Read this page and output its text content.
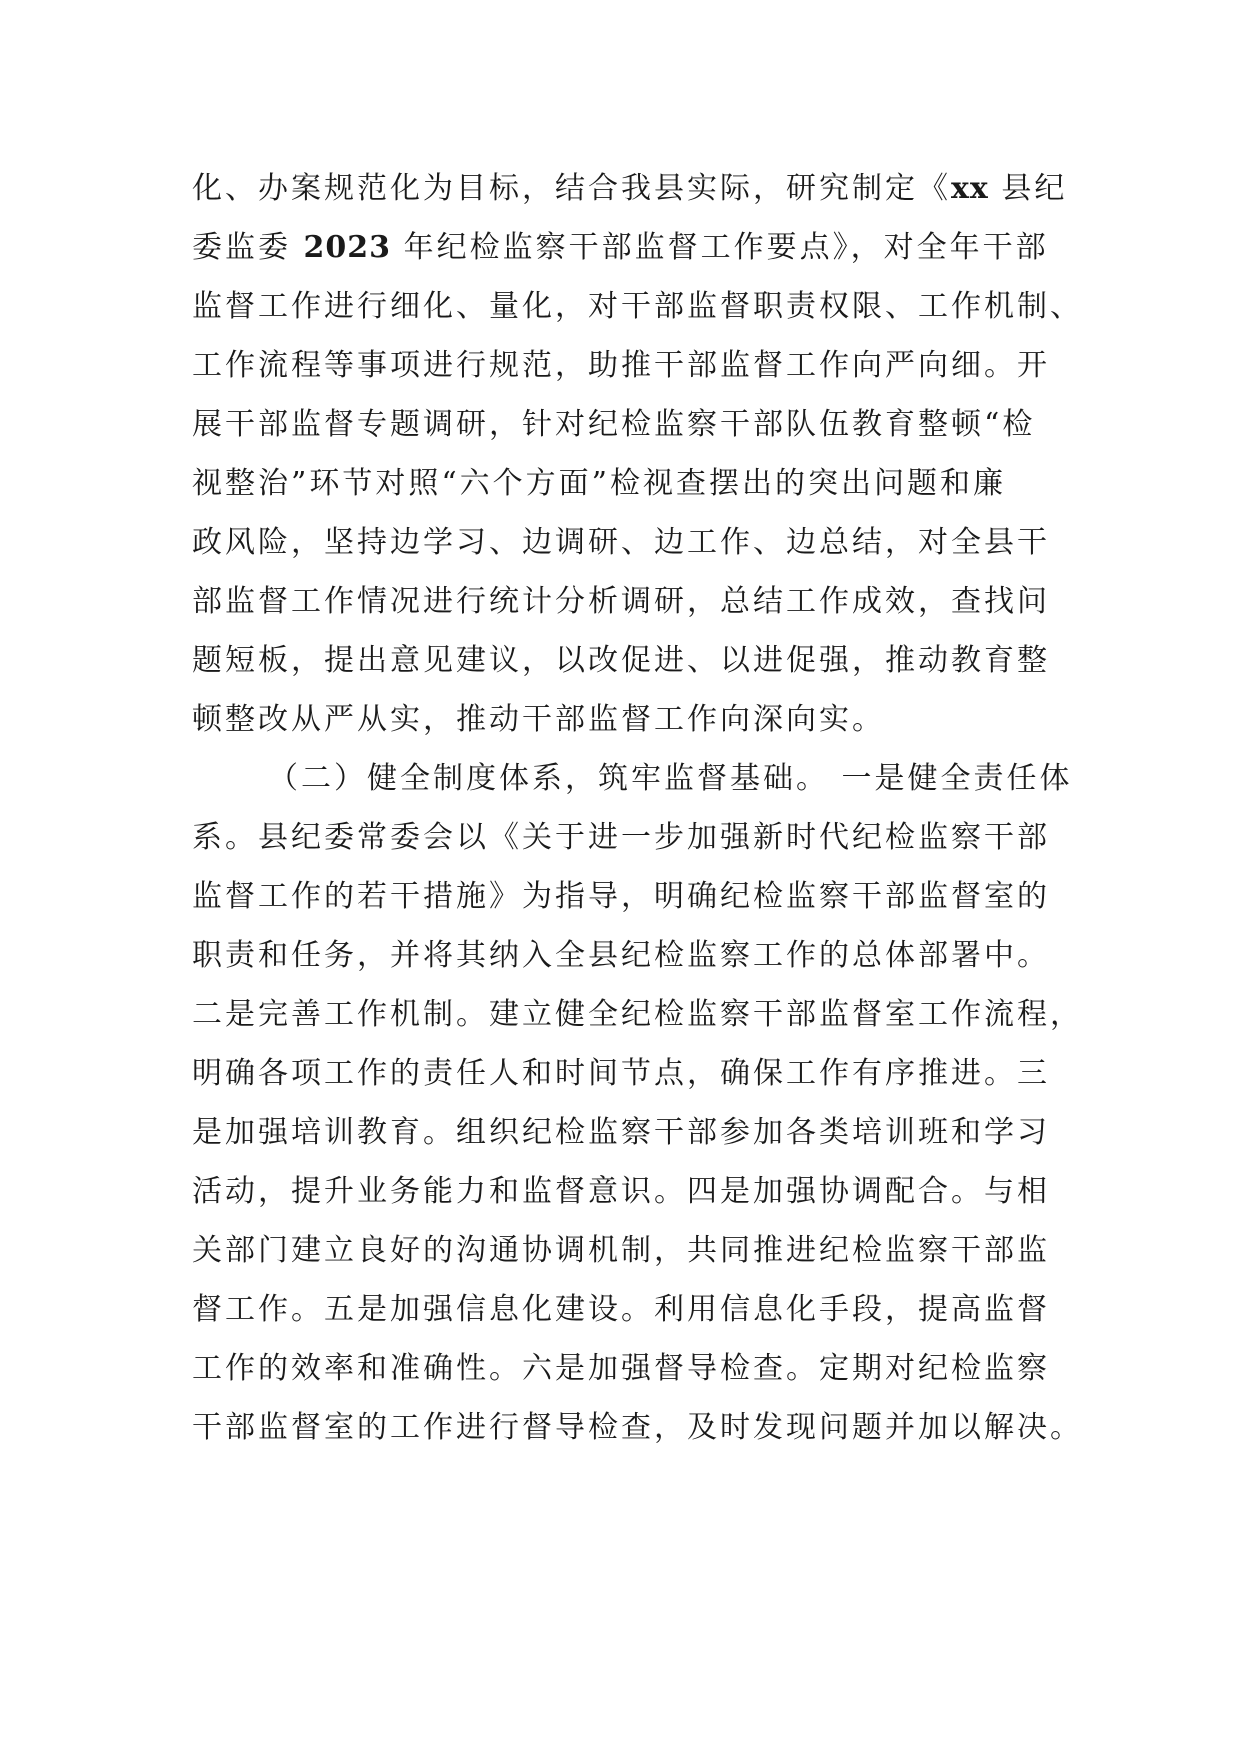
化、办案规范化为目标，结合我县实际，研究制定《xx 县纪
委监委 2023 年纪检监察干部监督工作要点》，对全年干部
监督工作进行细化、量化，对干部监督职责权限、工作机制、
工作流程等事项进行规范，助推干部监督工作向严向细。开
展干部监督专题调研，针对纪检监察干部队伍教育整顿“检
视整治”环节对照“六个方面”检视查摆出的突出问题和廉
政风险，坚持边学习、边调研、边工作、边总结，对全县干
部监督工作情况进行统计分析调研，总结工作成效，查找问
题短板，提出意见建议，以改促进、以进促强，推动教育整
顿整改从严从实，推动干部监督工作向深向实。
（二）健全制度体系，筑牢监督基础。 一是健全责任体
系。县纪委常委会以《关于进一步加强新时代纪检监察干部
监督工作的若干措施》为指导，明确纪检监察干部监督室的
职责和任务，并将其纳入全县纪检监察工作的总体部署中。
二是完善工作机制。建立健全纪检监察干部监督室工作流程，
明确各项工作的责任人和时间节点，确保工作有序推进。三
是加强培训教育。组织纪检监察干部参加各类培训班和学习
活动，提升业务能力和监督意识。四是加强协调配合。与相
关部门建立良好的沟通协调机制，共同推进纪检监察干部监
督工作。五是加强信息化建设。利用信息化手段，提高监督
工作的效率和准确性。六是加强督导检查。定期对纪检监察
干部监督室的工作进行督导检查，及时发现问题并加以解决。
